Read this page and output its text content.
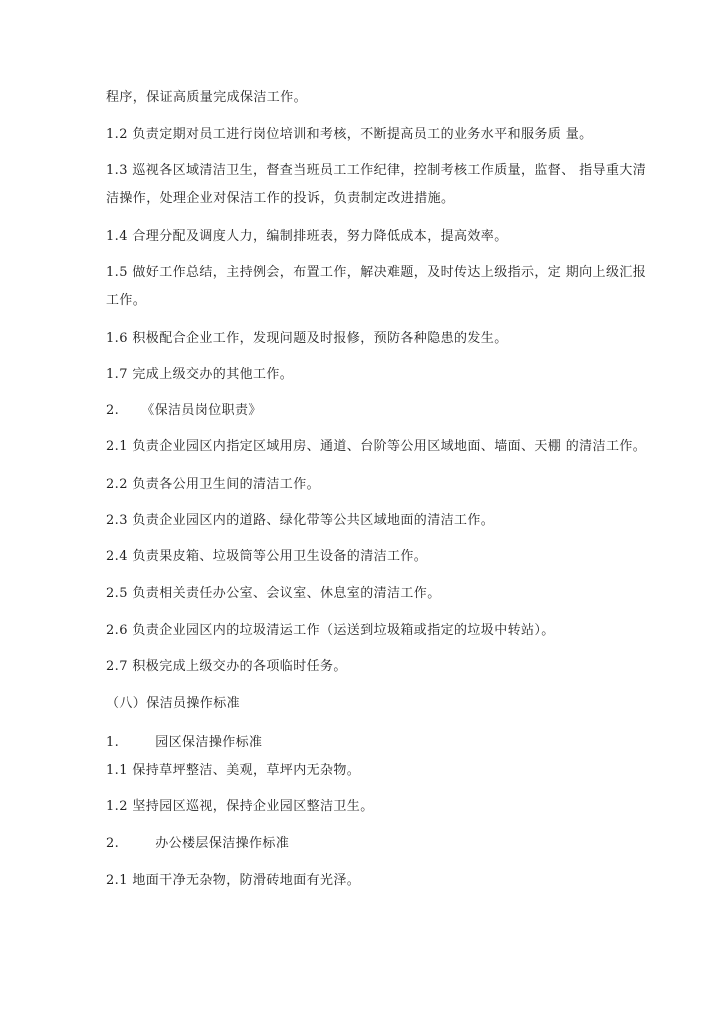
程序，保证高质量完成保洁工作。
1.2 负责定期对员工进行岗位培训和考核，不断提高员工的业务水平和服务质 量。
1.3 巡视各区域清洁卫生，督查当班员工工作纪律，控制考核工作质量，监督、 指导重大清
洁操作，处理企业对保洁工作的投诉，负责制定改进措施。
1.4 合理分配及调度人力，编制排班表，努力降低成本，提高效率。
1.5 做好工作总结，主持例会，布置工作，解决难题，及时传达上级指示，定 期向上级汇报
工作。
1.6 积极配合企业工作，发现问题及时报修，预防各种隐患的发生。
1.7 完成上级交办的其他工作。
2. 《保洁员岗位职责》
2.1 负责企业园区内指定区域用房、通道、台阶等公用区域地面、墙面、天棚 的清洁工作。
2.2 负责各公用卫生间的清洁工作。
2.3 负责企业园区内的道路、绿化带等公共区域地面的清洁工作。
2.4 负责果皮箱、垃圾筒等公用卫生设备的清洁工作。
2.5 负责相关责任办公室、会议室、休息室的清洁工作。
2.6 负责企业园区内的垃圾清运工作（运送到垃圾箱或指定的垃圾中转站）。
2.7 积极完成上级交办的各项临时任务。
（八）保洁员操作标准
1.	园区保洁操作标准
1.1 保持草坪整洁、美观，草坪内无杂物。
1.2 坚持园区巡视，保持企业园区整洁卫生。
2.	办公楼层保洁操作标准
2.1 地面干净无杂物，防滑砖地面有光泽。
